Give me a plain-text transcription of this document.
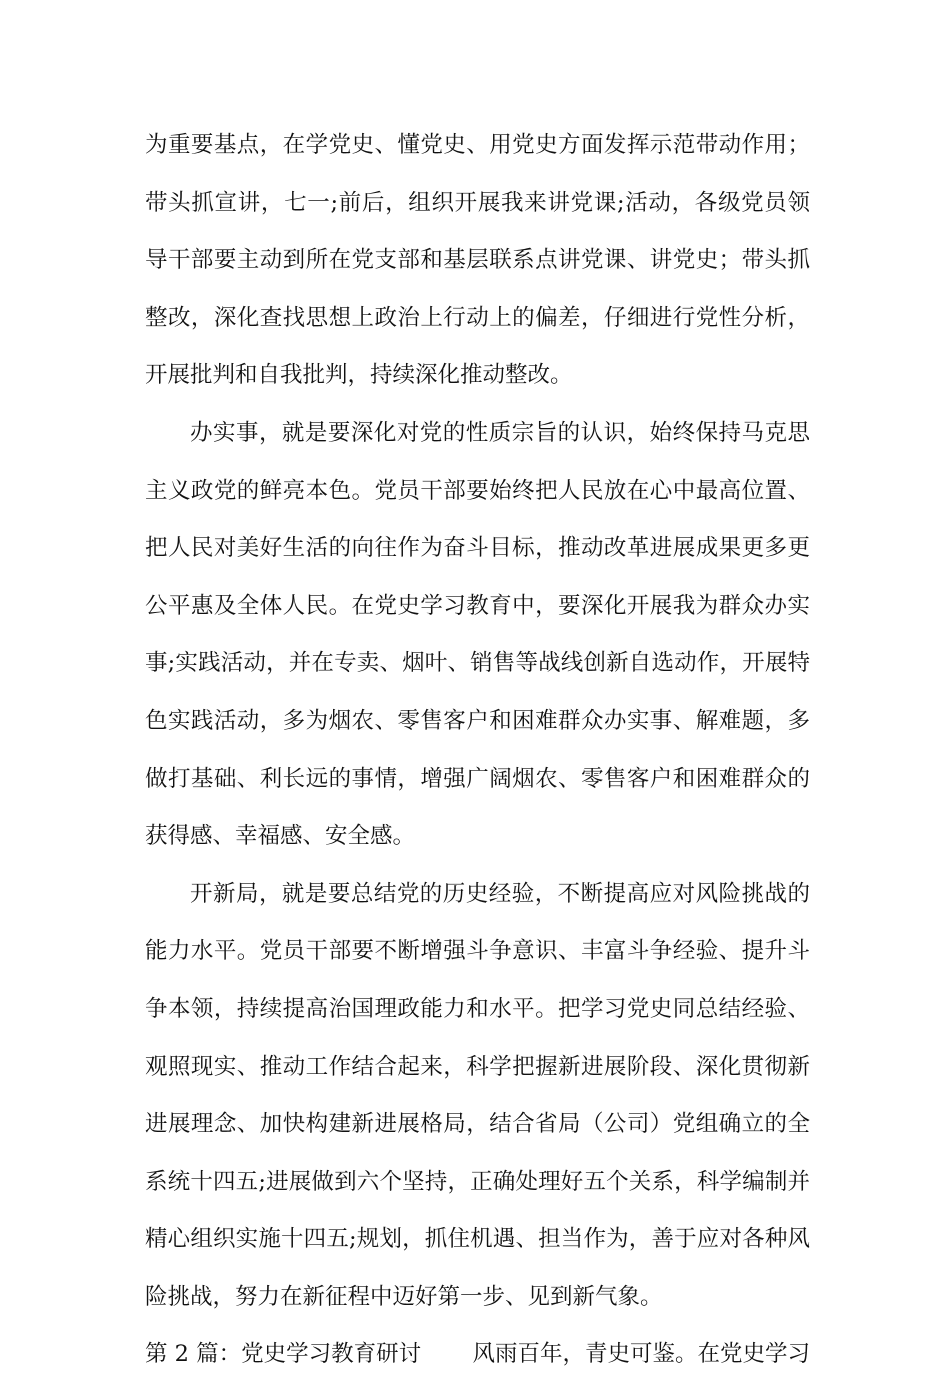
为重要基点，在学党史、懂党史、用党史方面发挥示范带动作用；
带头抓宣讲，七一;前后，组织开展我来讲党课;活动，各级党员领
导干部要主动到所在党支部和基层联系点讲党课、讲党史；带头抓
整改，深化查找思想上政治上行动上的偏差，仔细进行党性分析，
开展批判和自我批判，持续深化推动整改。
办实事，就是要深化对党的性质宗旨的认识，始终保持马克思
主义政党的鲜亮本色。党员干部要始终把人民放在心中最高位置、
把人民对美好生活的向往作为奋斗目标，推动改革进展成果更多更
公平惠及全体人民。在党史学习教育中，要深化开展我为群众办实
事;实践活动，并在专卖、烟叶、销售等战线创新自选动作，开展特
色实践活动，多为烟农、零售客户和困难群众办实事、解难题，多
做打基础、利长远的事情，增强广阔烟农、零售客户和困难群众的
获得感、幸福感、安全感。
开新局，就是要总结党的历史经验，不断提高应对风险挑战的
能力水平。党员干部要不断增强斗争意识、丰富斗争经验、提升斗
争本领，持续提高治国理政能力和水平。把学习党史同总结经验、
观照现实、推动工作结合起来，科学把握新进展阶段、深化贯彻新
进展理念、加快构建新进展格局，结合省局（公司）党组确立的全
系统十四五;进展做到六个坚持，正确处理好五个关系，科学编制并
精心组织实施十四五;规划，抓住机遇、担当作为，善于应对各种风
险挑战，努力在新征程中迈好第一步、见到新气象。
第 2 篇：党史学习教育研讨 风雨百年，青史可鉴。在党史学习
